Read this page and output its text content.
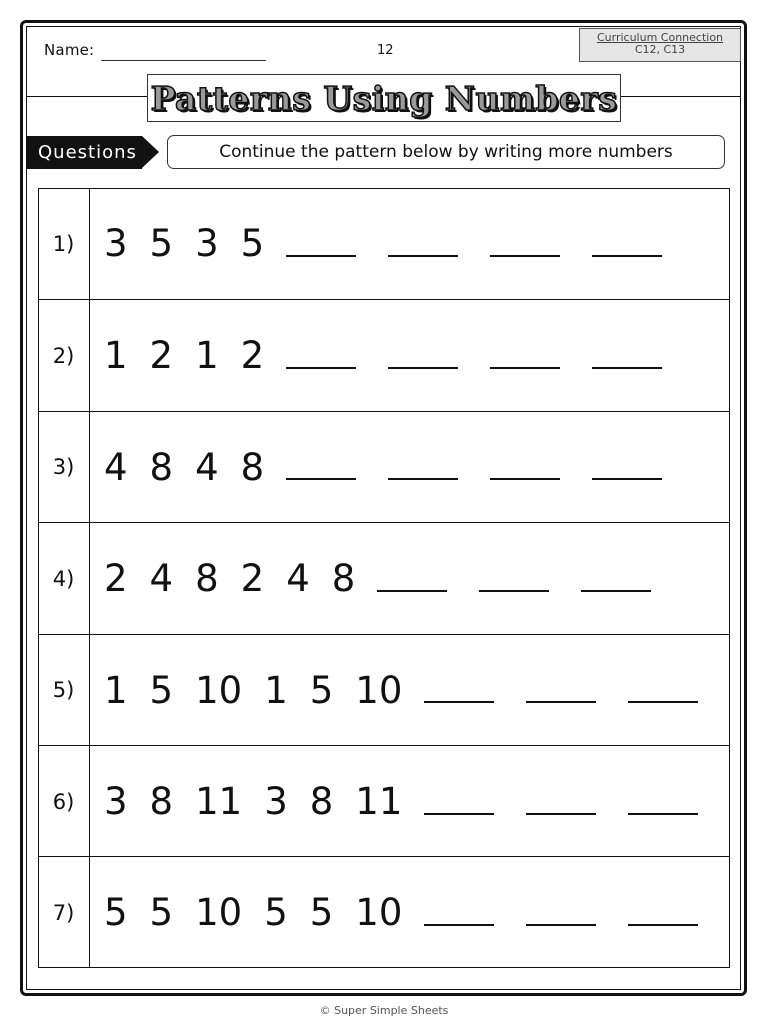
Name:	12
Curriculum Connection
C12, C13
Patterns Using Numbers
Questions	Continue the pattern below by writing more numbers
1) 3 5 3 5
2) 1 2 1 2
3) 4 8 4 8
4) 2 4 8 2 4 8
5) 1 5 10 1 5 10
6) 3 8 11 3 8 11
7) 5 5 10 5 5 10
© Super Simple Sheets
